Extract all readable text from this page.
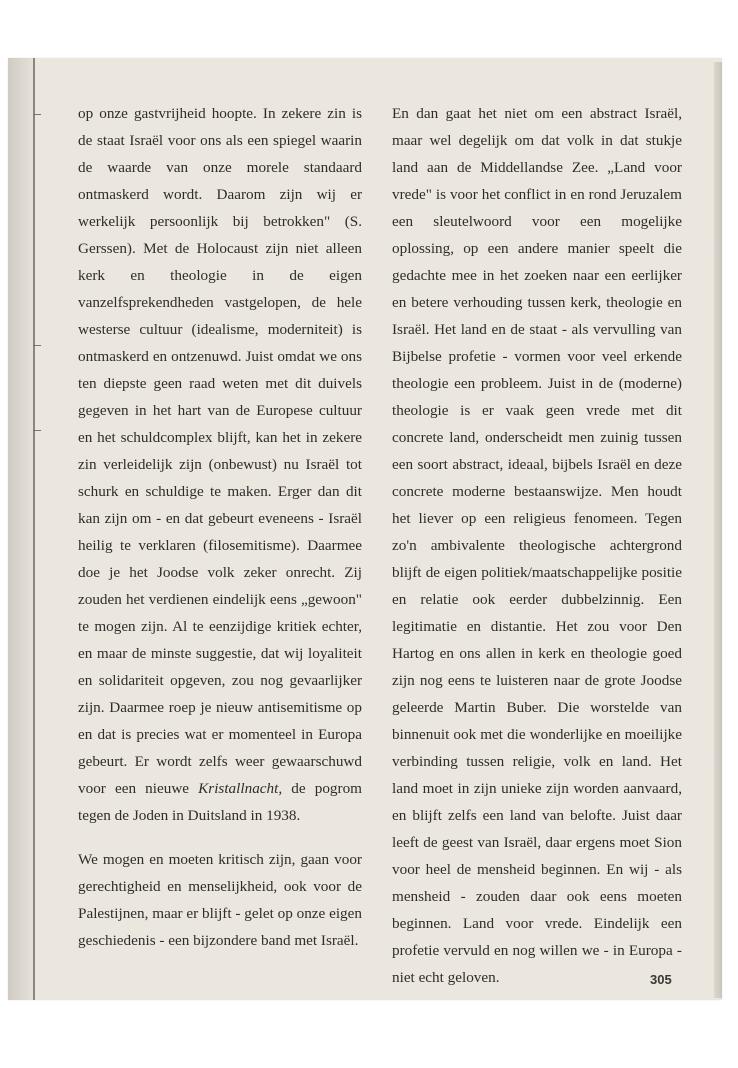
op onze gastvrijheid hoopte. In zekere zin is de staat Israël voor ons als een spiegel waarin de waarde van onze morele standaard ontmaskerd wordt. Daarom zijn wij er werkelijk persoonlijk bij betrokken" (S. Gerssen). Met de Holocaust zijn niet alleen kerk en theologie in de eigen vanzelfsprekendheden vastgelopen, de hele westerse cultuur (idealisme, moderniteit) is ontmaskerd en ontzenuwd. Juist omdat we ons ten diepste geen raad weten met dit duivels gegeven in het hart van de Europese cultuur en het schuldcomplex blijft, kan het in zekere zin verleidelijk zijn (onbewust) nu Israël tot schurk en schuldige te maken. Erger dan dit kan zijn om - en dat gebeurt eveneens - Israël heilig te verklaren (filosemitisme). Daarmee doe je het Joodse volk zeker onrecht. Zij zouden het verdienen eindelijk eens „gewoon" te mogen zijn. Al te eenzijdige kritiek echter, en maar de minste suggestie, dat wij loyaliteit en solidariteit opgeven, zou nog gevaarlijker zijn. Daarmee roep je nieuw antisemitisme op en dat is precies wat er momenteel in Europa gebeurt. Er wordt zelfs weer gewaarschuwd voor een nieuwe Kristallnacht, de pogrom tegen de Joden in Duitsland in 1938.

We mogen en moeten kritisch zijn, gaan voor gerechtigheid en menselijkheid, ook voor de Palestijnen, maar er blijft - gelet op onze eigen geschiedenis - een bijzondere band met Israël.

En dan gaat het niet om een abstract Israël, maar wel degelijk om dat volk in dat stukje land aan de Middellandse Zee. „Land voor vrede" is voor het conflict in en rond Jeruzalem een sleutelwoord voor een mogelijke oplossing, op een andere manier speelt die gedachte mee in het zoeken naar een eerlijker en betere verhouding tussen kerk, theologie en Israël. Het land en de staat - als vervulling van Bijbelse profetie - vormen voor veel erkende theologie een probleem. Juist in de (moderne) theologie is er vaak geen vrede met dit concrete land, onderscheidt men zuinig tussen een soort abstract, ideaal, bijbels Israël en deze concrete moderne bestaanswijze. Men houdt het liever op een religieus fenomeen. Tegen zo'n ambivalente theologische achtergrond blijft de eigen politiek/maatschappelijke positie en relatie ook eerder dubbelzinnig. Een legitimatie en distantie. Het zou voor Den Hartog en ons allen in kerk en theologie goed zijn nog eens te luisteren naar de grote Joodse geleerde Martin Buber. Die worstelde van binnenuit ook met die wonderlijke en moeilijke verbinding tussen religie, volk en land. Het land moet in zijn unieke zijn worden aanvaard, en blijft zelfs een land van belofte. Juist daar leeft de geest van Israël, daar ergens moet Sion voor heel de mensheid beginnen. En wij - als mensheid - zouden daar ook eens moeten beginnen. Land voor vrede. Eindelijk een profetie vervuld en nog willen we - in Europa - niet echt geloven.	305
